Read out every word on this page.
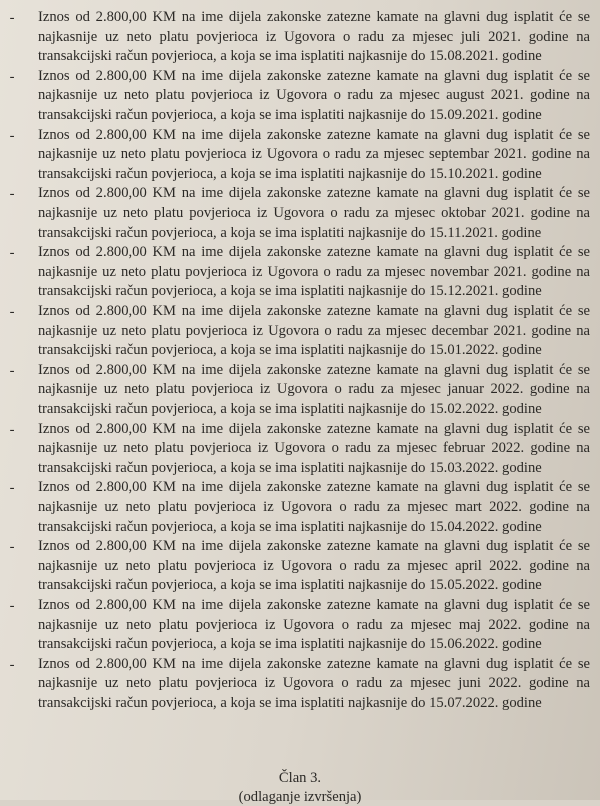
- Iznos od 2.800,00 KM na ime dijela zakonske zatezne kamate na glavni dug isplatit će se najkasnije uz neto platu povjerioca iz Ugovora o radu za mjesec juli 2021. godine na transakcijski račun povjerioca, a koja se ima isplatiti najkasnije do 15.08.2021. godine
- Iznos od 2.800,00 KM na ime dijela zakonske zatezne kamate na glavni dug isplatit će se najkasnije uz neto platu povjerioca iz Ugovora o radu za mjesec august 2021. godine na transakcijski račun povjerioca, a koja se ima isplatiti najkasnije do 15.09.2021. godine
- Iznos od 2.800,00 KM na ime dijela zakonske zatezne kamate na glavni dug isplatit će se najkasnije uz neto platu povjerioca iz Ugovora o radu za mjesec septembar 2021. godine na transakcijski račun povjerioca, a koja se ima isplatiti najkasnije do 15.10.2021. godine
- Iznos od 2.800,00 KM na ime dijela zakonske zatezne kamate na glavni dug isplatit će se najkasnije uz neto platu povjerioca iz Ugovora o radu za mjesec oktobar 2021. godine na transakcijski račun povjerioca, a koja se ima isplatiti najkasnije do 15.11.2021. godine
- Iznos od 2.800,00 KM na ime dijela zakonske zatezne kamate na glavni dug isplatit će se najkasnije uz neto platu povjerioca iz Ugovora o radu za mjesec novembar 2021. godine na transakcijski račun povjerioca, a koja se ima isplatiti najkasnije do 15.12.2021. godine
- Iznos od 2.800,00 KM na ime dijela zakonske zatezne kamate na glavni dug isplatit će se najkasnije uz neto platu povjerioca iz Ugovora o radu za mjesec decembar 2021. godine na transakcijski račun povjerioca, a koja se ima isplatiti najkasnije do 15.01.2022. godine
- Iznos od 2.800,00 KM na ime dijela zakonske zatezne kamate na glavni dug isplatit će se najkasnije uz neto platu povjerioca iz Ugovora o radu za mjesec januar 2022. godine na transakcijski račun povjerioca, a koja se ima isplatiti najkasnije do 15.02.2022. godine
- Iznos od 2.800,00 KM na ime dijela zakonske zatezne kamate na glavni dug isplatit će se najkasnije uz neto platu povjerioca iz Ugovora o radu za mjesec februar 2022. godine na transakcijski račun povjerioca, a koja se ima isplatiti najkasnije do 15.03.2022. godine
- Iznos od 2.800,00 KM na ime dijela zakonske zatezne kamate na glavni dug isplatit će se najkasnije uz neto platu povjerioca iz Ugovora o radu za mjesec mart 2022. godine na transakcijski račun povjerioca, a koja se ima isplatiti najkasnije do 15.04.2022. godine
- Iznos od 2.800,00 KM na ime dijela zakonske zatezne kamate na glavni dug isplatit će se najkasnije uz neto platu povjerioca iz Ugovora o radu za mjesec april 2022. godine na transakcijski račun povjerioca, a koja se ima isplatiti najkasnije do 15.05.2022. godine
- Iznos od 2.800,00 KM na ime dijela zakonske zatezne kamate na glavni dug isplatit će se najkasnije uz neto platu povjerioca iz Ugovora o radu za mjesec maj 2022. godine na transakcijski račun povjerioca, a koja se ima isplatiti najkasnije do 15.06.2022. godine
- Iznos od 2.800,00 KM na ime dijela zakonske zatezne kamate na glavni dug isplatit će se najkasnije uz neto platu povjerioca iz Ugovora o radu za mjesec juni 2022. godine na transakcijski račun povjerioca, a koja se ima isplatiti najkasnije do 15.07.2022. godine
Član 3.
(odlaganje izvršenja)
